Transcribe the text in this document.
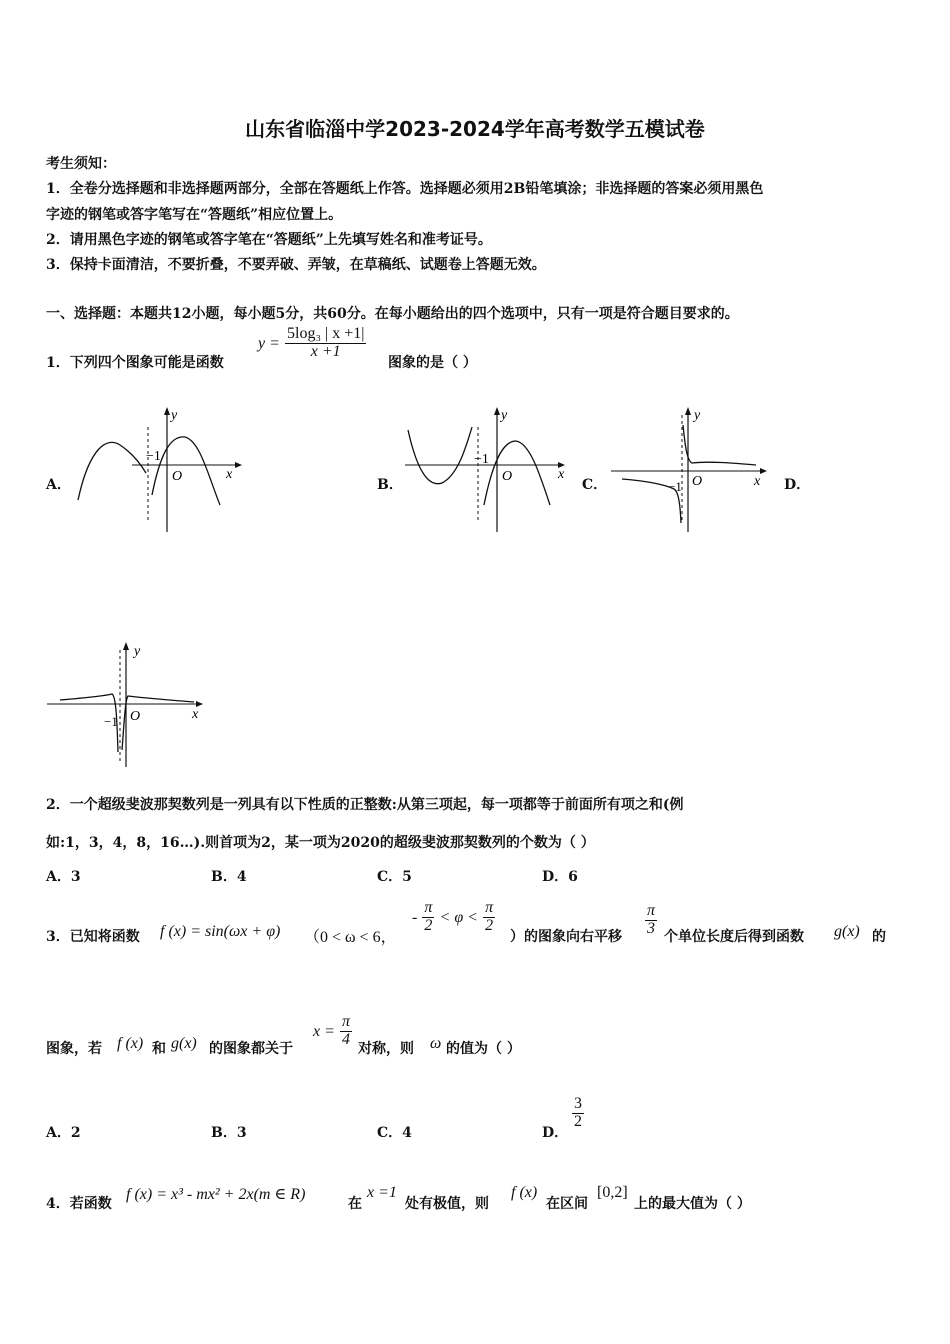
山东省临淄中学2023-2024学年高考数学五模试卷
考生须知：
1．全卷分选择题和非选择题两部分，全部在答题纸上作答。选择题必须用2B铅笔填涂；非选择题的答案必须用黑色
字迹的钢笔或答字笔写在“答题纸”相应位置上。
2．请用黑色字迹的钢笔或答字笔在“答题纸”上先填写姓名和准考证号。
3．保持卡面清洁，不要折叠，不要弄破、弄皱，在草稿纸、试题卷上答题无效。
一、选择题：本题共12小题，每小题5分，共60分。在每小题给出的四个选项中，只有一项是符合题目要求的。
1．下列四个图象可能是函数
$y = \frac{\text{5log₃ | x +1|}}{x +1}$
图象的是（ ）
A．	B．	C．	D．
y
x
O
−1
y
x
O
−1
y
x
O
−1
y
x
O
−1
2．一个超级斐波那契数列是一列具有以下性质的正整数:从第三项起，每一项都等于前面所有项之和(例
如:1，3，4，8，16…).则首项为2，某一项为2020的超级斐波那契数列的个数为（ ）
A．3	B．4	C．5	D．6
3．已知将函数 f (x) = sin(ωx + φ) （0 < ω < 6，
- $\frac{\pi}{2} < \varphi < \frac{\pi}{2}$
）的图象向右平移 $\frac{\pi}{3}$ 个单位长度后得到函数 g(x) 的
图象，若 f (x) 和 g(x) 的图象都关于
$x = \frac{\pi}{4}$
对称，则 ω 的值为（ ）
A．2	B．3	C．4	D．
$\frac{3}{2}$
4．若函数
f (x) = x³ - mx² + 2x(m ∈ R)
在
x =1
处有极值，则
f (x)
在区间
[0,2]
上的最大值为（ ）
